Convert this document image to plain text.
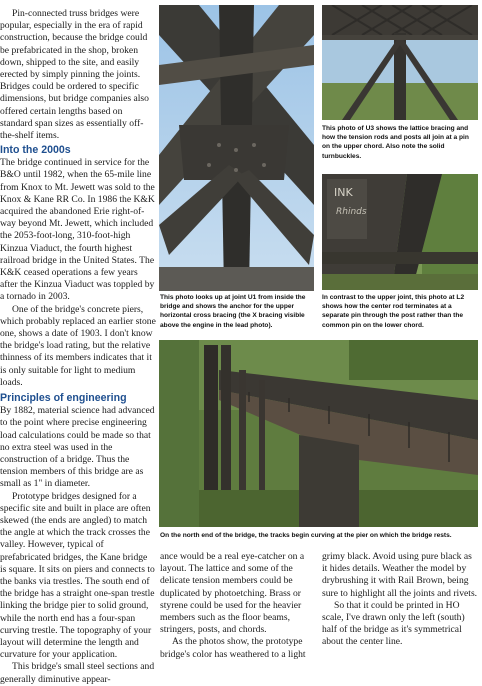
Pin-connected truss bridges were popular, especially in the era of rapid construction, because the bridge could be prefabricated in the shop, broken down, shipped to the site, and easily erected by simply pinning the joints. Bridges could be ordered to specific dimensions, but bridge companies also offered certain lengths based on standard span sizes as essentially off-the-shelf items.

Into the 2000s

The bridge continued in service for the B&O until 1982, when the 65-mile line from Knox to Mt. Jewett was sold to the Knox & Kane RR Co. In 1986 the K&K acquired the abandoned Erie right-of-way beyond Mt. Jewett, which included the 2053-foot-long, 310-foot-high Kinzua Viaduct, the fourth highest railroad bridge in the United States. The K&K ceased operations a few years after the Kinzua Viaduct was toppled by a tornado in 2003.

One of the bridge's concrete piers, which probably replaced an earlier stone one, shows a date of 1903. I don't know the bridge's load rating, but the relative thinness of its members indicates that it is only suitable for light to medium loads.

Principles of engineering

By 1882, material science had advanced to the point where precise engineering load calculations could be made so that no extra steel was used in the construction of a bridge. Thus the tension members of this bridge are as small as 1" in diameter.

Prototype bridges designed for a specific site and built in place are often skewed (the ends are angled) to match the angle at which the track crosses the valley. However, typical of prefabricated bridges, the Kane bridge is square. It sits on piers and connects to the banks via trestles. The south end of the bridge has a straight one-span trestle linking the bridge pier to solid ground, while the north end has a four-span curving trestle. The topography of your layout will determine the length and curvature for your application.

This bridge's small steel sections and generally diminutive appear-

This photo of U3 shows the lattice bracing and how the tension rods and posts all join at a pin on the upper chord. Also note the solid turnbuckles.
INK
Rhinds
This photo looks up at joint U1 from inside the bridge and shows the anchor for the upper horizontal cross bracing (the X bracing visible above the engine in the lead photo).
In contrast to the upper joint, this photo at L2 shows how the center rod terminates at a separate pin through the post rather than the common pin on the lower chord.
On the north end of the bridge, the tracks begin curving at the pier on which the bridge rests.

ance would be a real eye-catcher on a layout. The lattice and some of the delicate tension members could be duplicated by photoetching. Brass or styrene could be used for the heavier members such as the floor beams, stringers, posts, and chords.

As the photos show, the prototype bridge's color has weathered to a light

grimy black. Avoid using pure black as it hides details. Weather the model by drybrushing it with Rail Brown, being sure to highlight all the joints and rivets.

So that it could be printed in HO scale, I've drawn only the left (south) half of the bridge as it's symmetrical about the center line.
